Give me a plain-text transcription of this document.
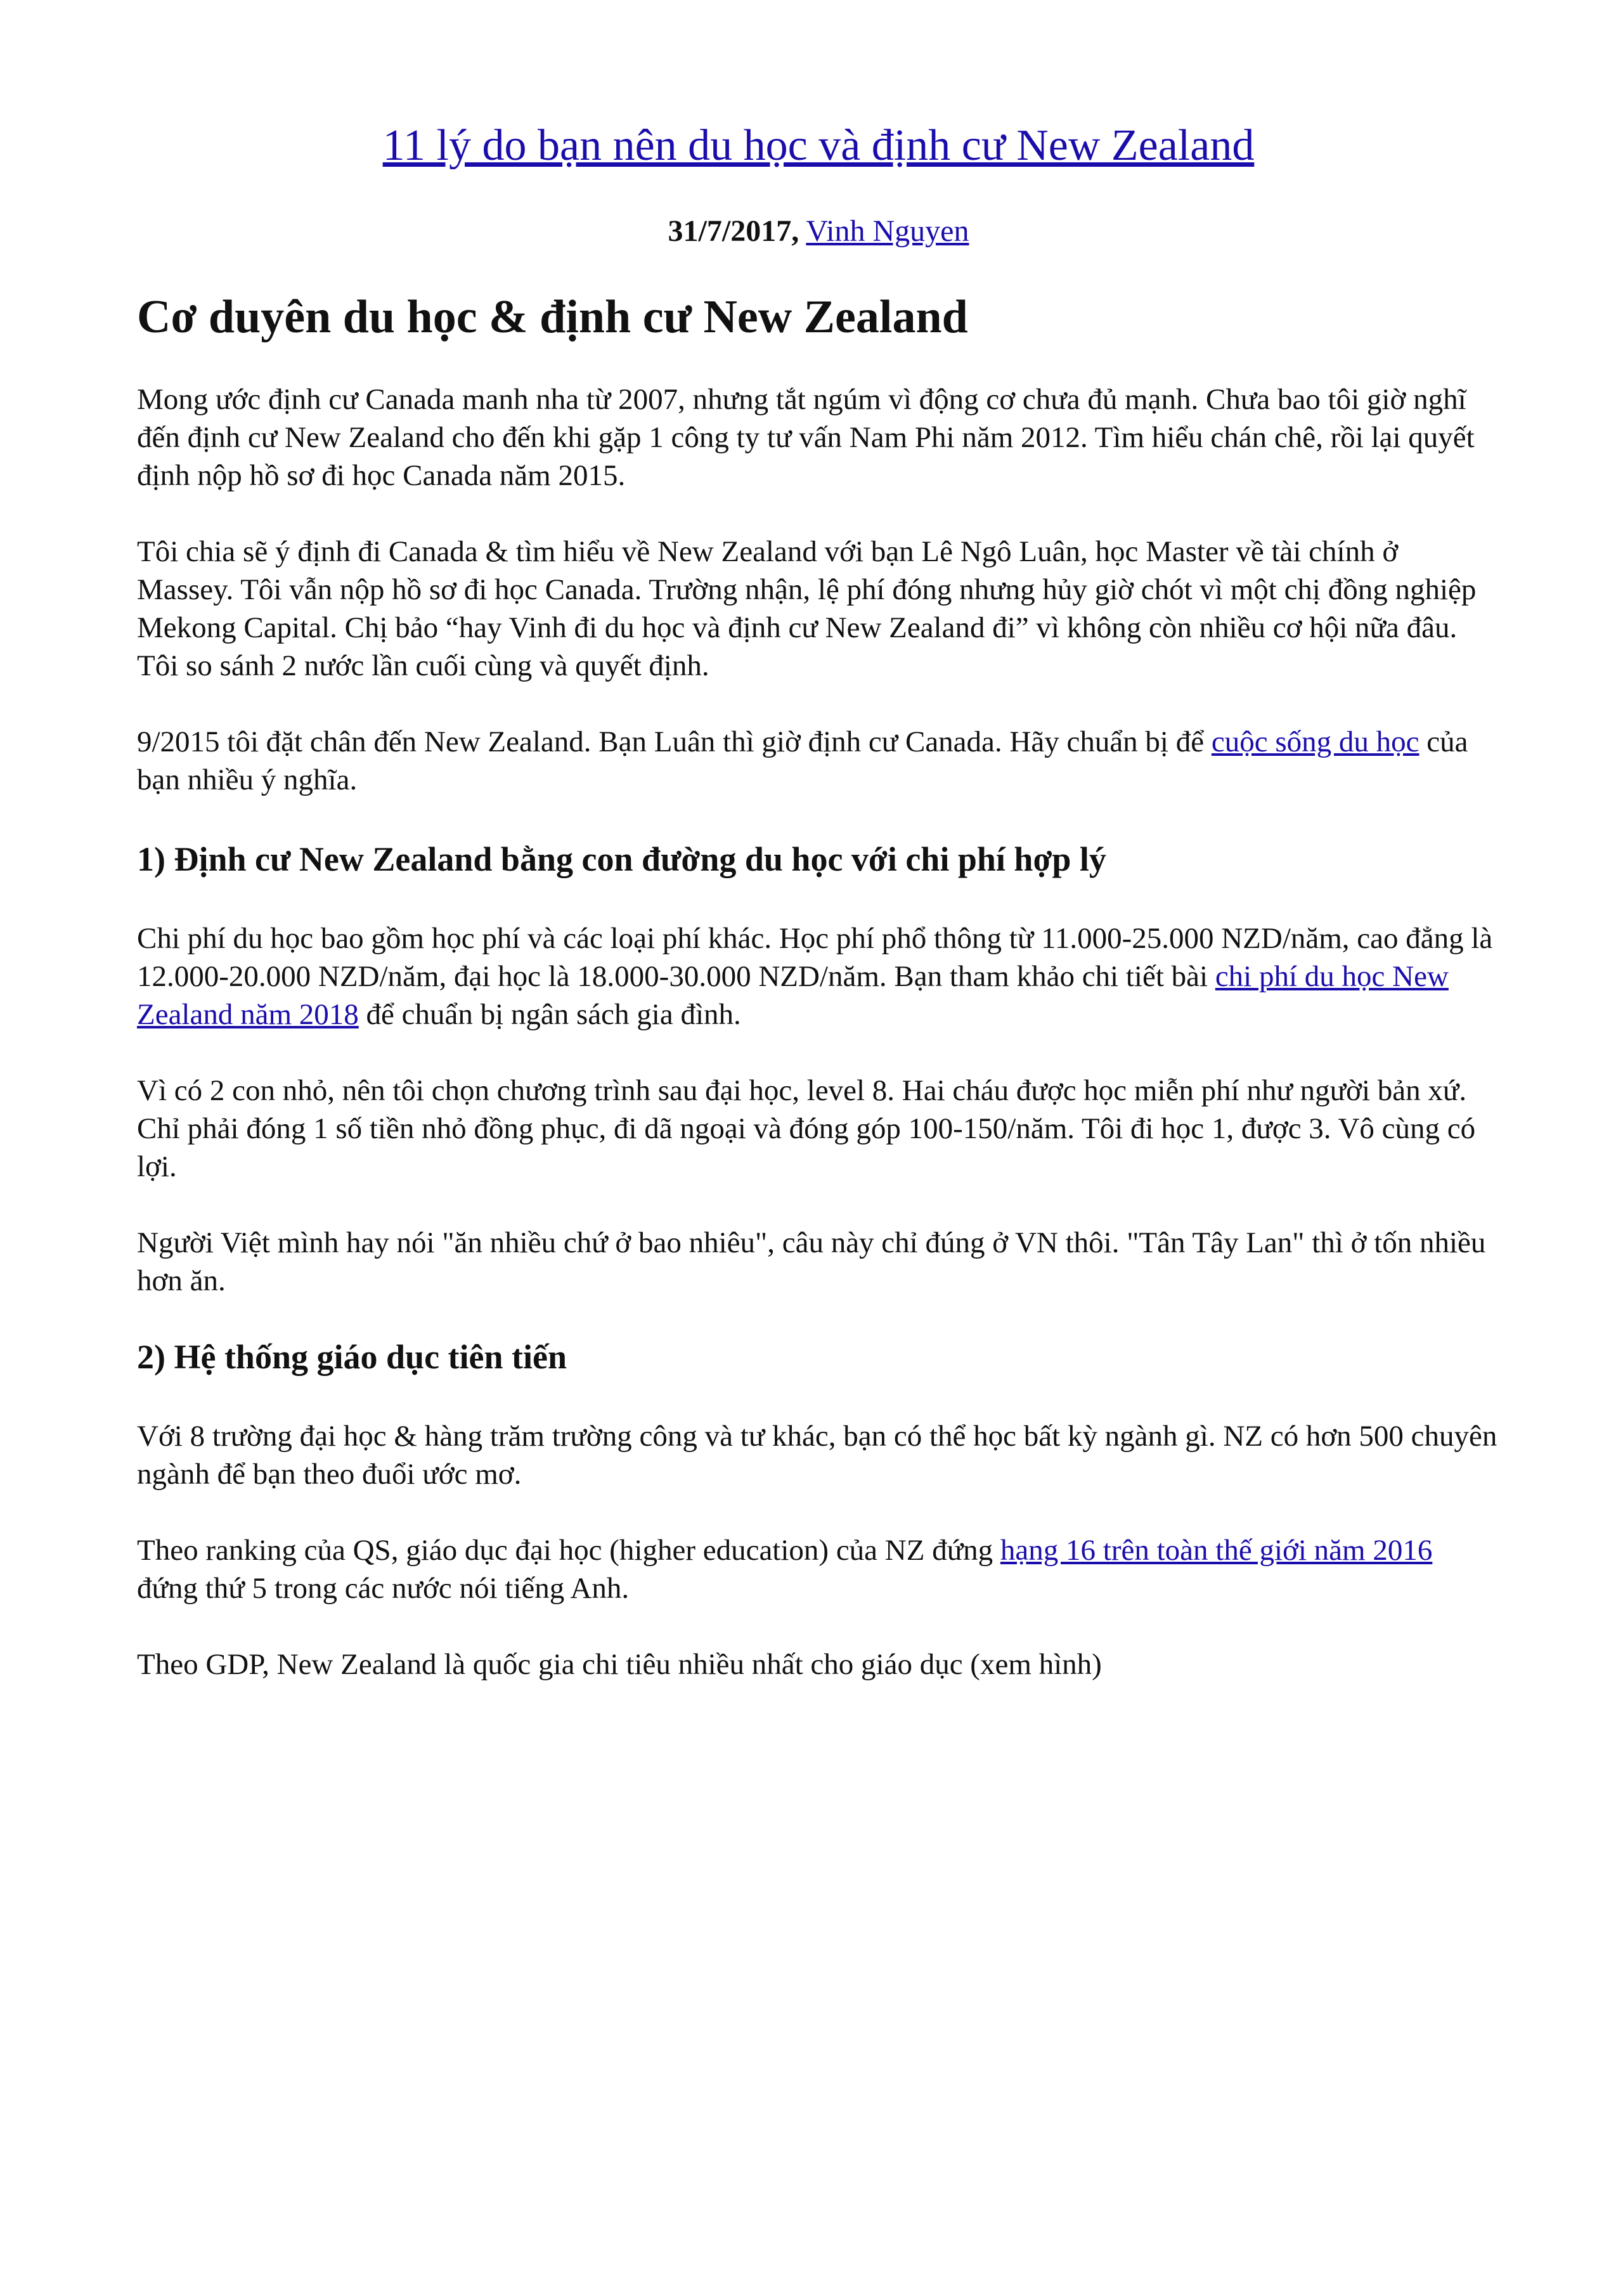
11 lý do bạn nên du học và định cư New Zealand
31/7/2017, Vinh Nguyen
Cơ duyên du học & định cư New Zealand

Mong ước định cư Canada manh nha từ 2007, nhưng tắt ngúm vì động cơ chưa đủ mạnh. Chưa bao tôi giờ nghĩ đến định cư New Zealand cho đến khi gặp 1 công ty tư vấn Nam Phi năm 2012. Tìm hiểu chán chê, rồi lại quyết định nộp hồ sơ đi học Canada năm 2015.

Tôi chia sẽ ý định đi Canada & tìm hiểu về New Zealand với bạn Lê Ngô Luân, học Master về tài chính ở Massey. Tôi vẫn nộp hồ sơ đi học Canada. Trường nhận, lệ phí đóng nhưng hủy giờ chót vì một chị đồng nghiệp Mekong Capital. Chị bảo “hay Vinh đi du học và định cư New Zealand đi” vì không còn nhiều cơ hội nữa đâu. Tôi so sánh 2 nước lần cuối cùng và quyết định.

9/2015 tôi đặt chân đến New Zealand. Bạn Luân thì giờ định cư Canada. Hãy chuẩn bị để cuộc sống du học của bạn nhiều ý nghĩa.

1) Định cư New Zealand bằng con đường du học với chi phí hợp lý

Chi phí du học bao gồm học phí và các loại phí khác. Học phí phổ thông từ 11.000-25.000 NZD/năm, cao đẳng là 12.000-20.000 NZD/năm, đại học là 18.000-30.000 NZD/năm. Bạn tham khảo chi tiết bài chi phí du học New Zealand năm 2018 để chuẩn bị ngân sách gia đình.

Vì có 2 con nhỏ, nên tôi chọn chương trình sau đại học, level 8. Hai cháu được học miễn phí như người bản xứ. Chỉ phải đóng 1 số tiền nhỏ đồng phục, đi dã ngoại và đóng góp 100-150/năm. Tôi đi học 1, được 3. Vô cùng có lợi.

Người Việt mình hay nói "ăn nhiều chứ ở bao nhiêu", câu này chỉ đúng ở VN thôi. "Tân Tây Lan" thì ở tốn nhiều hơn ăn.

2) Hệ thống giáo dục tiên tiến

Với 8 trường đại học & hàng trăm trường công và tư khác, bạn có thể học bất kỳ ngành gì. NZ có hơn 500 chuyên ngành để bạn theo đuổi ước mơ.

Theo ranking của QS, giáo dục đại học (higher education) của NZ đứng hạng 16 trên toàn thế giới năm 2016 đứng thứ 5 trong các nước nói tiếng Anh.

Theo GDP, New Zealand là quốc gia chi tiêu nhiều nhất cho giáo dục (xem hình)
